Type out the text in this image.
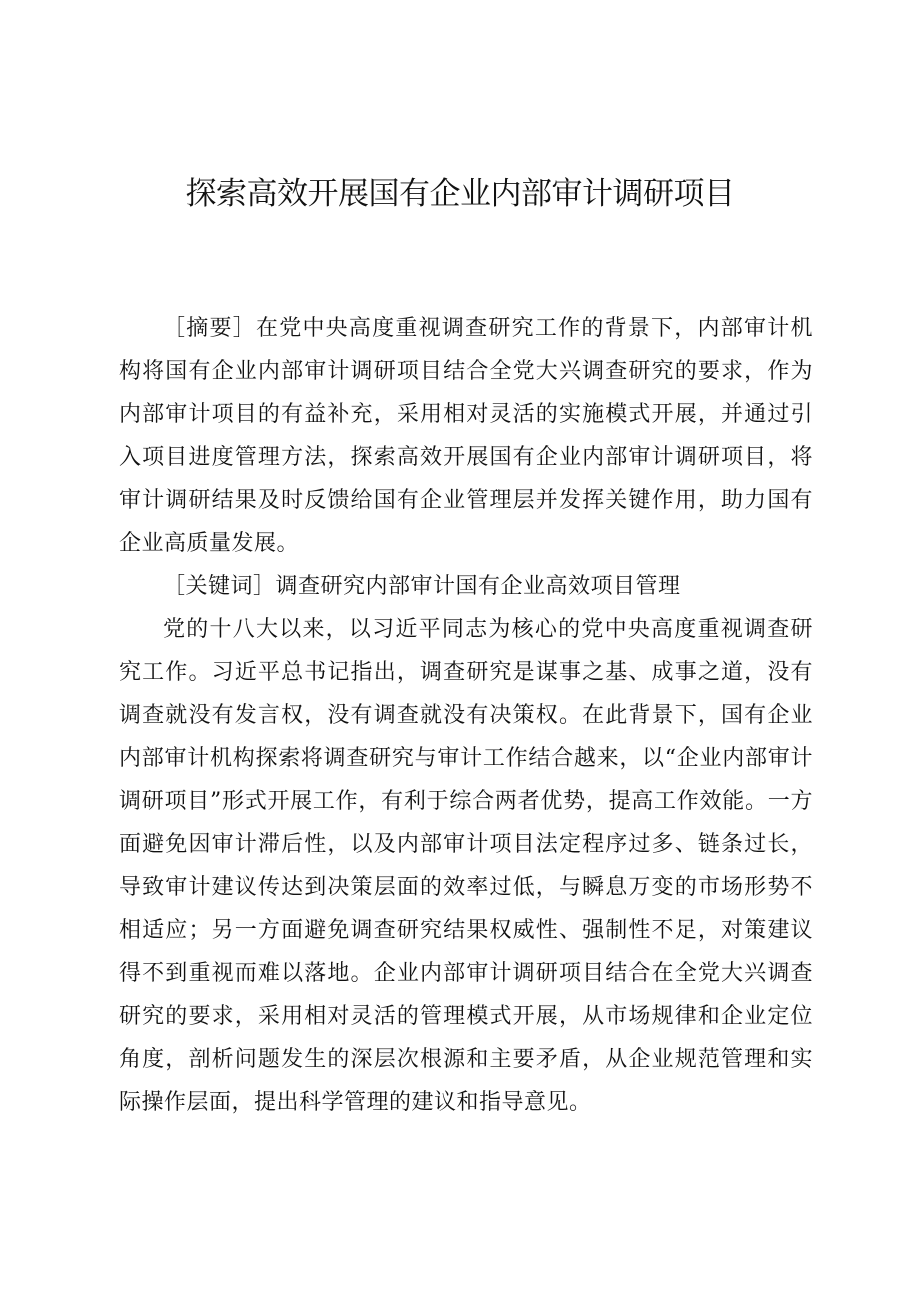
探索高效开展国有企业内部审计调研项目

［摘要］在党中央高度重视调查研究工作的背景下，内部审计机构将国有企业内部审计调研项目结合全党大兴调查研究的要求，作为内部审计项目的有益补充，采用相对灵活的实施模式开展，并通过引入项目进度管理方法，探索高效开展国有企业内部审计调研项目，将审计调研结果及时反馈给国有企业管理层并发挥关键作用，助力国有企业高质量发展。

［关键词］调查研究内部审计国有企业高效项目管理

党的十八大以来，以习近平同志为核心的党中央高度重视调查研究工作。习近平总书记指出，调查研究是谋事之基、成事之道，没有调查就没有发言权，没有调查就没有决策权。在此背景下，国有企业内部审计机构探索将调查研究与审计工作结合越来，以“企业内部审计调研项目”形式开展工作，有利于综合两者优势，提高工作效能。一方面避免因审计滞后性，以及内部审计项目法定程序过多、链条过长，导致审计建议传达到决策层面的效率过低，与瞬息万变的市场形势不相适应；另一方面避免调查研究结果权威性、强制性不足，对策建议得不到重视而难以落地。企业内部审计调研项目结合在全党大兴调查研究的要求，采用相对灵活的管理模式开展，从市场规律和企业定位角度，剖析问题发生的深层次根源和主要矛盾，从企业规范管理和实际操作层面，提出科学管理的建议和指导意见。
